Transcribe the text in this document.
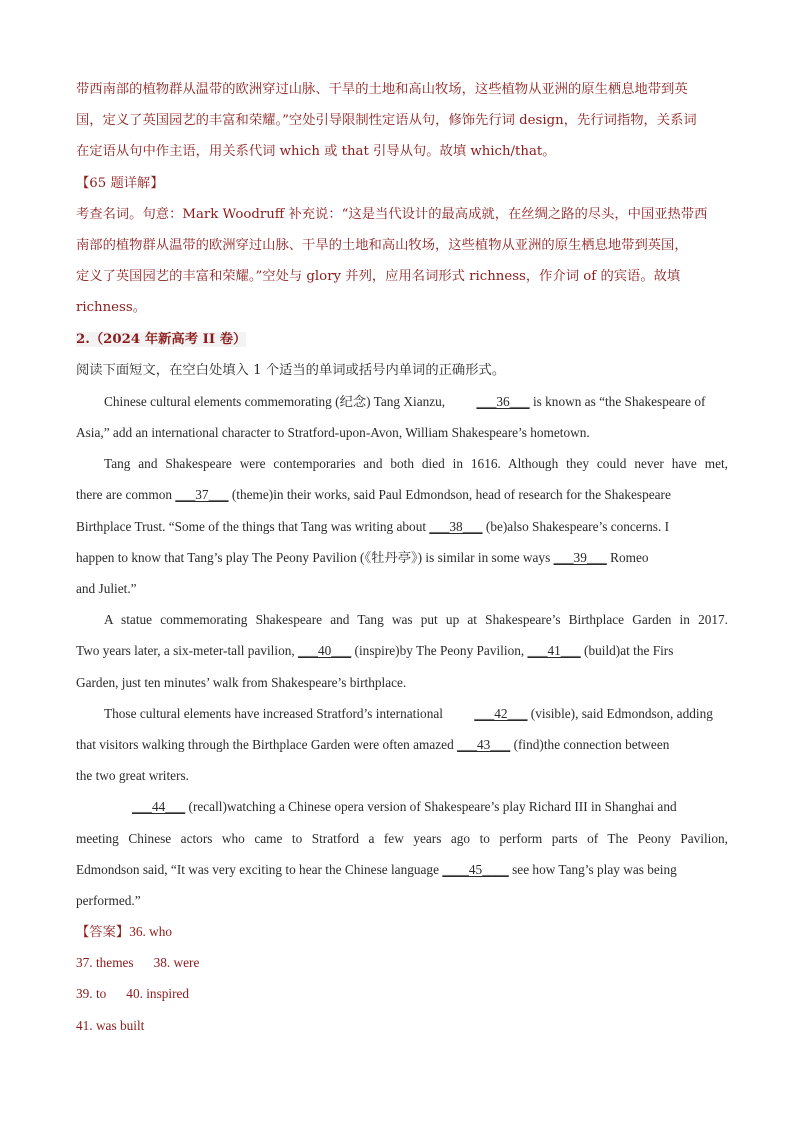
带西南部的植物群从温带的欧洲穿过山脉、干旱的土地和高山牧场，这些植物从亚洲的原生栖息地带到英
国，定义了英国园艺的丰富和荣耀。”空处引导限制性定语从句，修饰先行词 design，先行词指物，关系词
在定语从句中作主语，用关系代词 which 或 that 引导从句。故填 which/that。
【65 题详解】
考查名词。句意：Mark Woodruff 补充说：“这是当代设计的最高成就，在丝绸之路的尽头，中国亚热带西
南部的植物群从温带的欧洲穿过山脉、干旱的土地和高山牧场，这些植物从亚洲的原生栖息地带到英国，
定义了英国园艺的丰富和荣耀。”空处与 glory 并列，应用名词形式 richness，作介词 of 的宾语。故填
richness。
2.（2024 年新高考 II 卷）
阅读下面短文，在空白处填入 1 个适当的单词或括号内单词的正确形式。
Chinese cultural elements commemorating (纪念) Tang Xianzu, ___36___ is known as “the Shakespeare of
Asia,” add an international character to Stratford-upon-Avon, William Shakespeare’s hometown.
Tang and Shakespeare were contemporaries and both died in 1616. Although they could never have met,
there are common ___37___ (theme)in their works, said Paul Edmondson, head of research for the Shakespeare
Birthplace Trust. “Some of the things that Tang was writing about ___38___ (be)also Shakespeare’s concerns. I
happen to know that Tang’s play The Peony Pavilion (《牡丹亭》) is similar in some ways ___39___ Romeo
and Juliet.”
A statue commemorating Shakespeare and Tang was put up at Shakespeare’s Birthplace Garden in 2017.
Two years later, a six-meter-tall pavilion, ___40___ (inspire)by The Peony Pavilion, ___41___ (build)at the Firs
Garden, just ten minutes’ walk from Shakespeare’s birthplace.
Those cultural elements have increased Stratford’s international ___42___ (visible), said Edmondson, adding
that visitors walking through the Birthplace Garden were often amazed ___43___ (find)the connection between
the two great writers.
___44___ (recall)watching a Chinese opera version of Shakespeare’s play Richard III in Shanghai and
meeting Chinese actors who came to Stratford a few years ago to perform parts of The Peony Pavilion,
Edmondson said, “It was very exciting to hear the Chinese language ____45____ see how Tang’s play was being
performed.”
【答案】36. who
37. themes 38. were
39. to 40. inspired
41. was built
